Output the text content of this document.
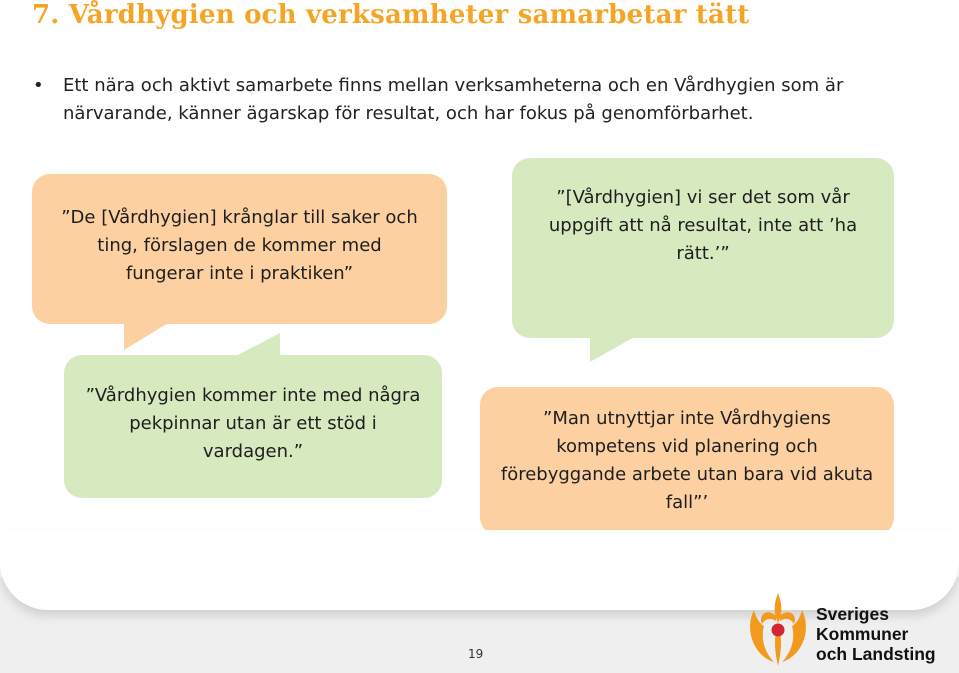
7. Vårdhygien och verksamheter samarbetar tätt
• Ett nära och aktivt samarbete finns mellan verksamheterna och en Vårdhygien som är närvarande, känner ägarskap för resultat, och har fokus på genomförbarhet.
”De [Vårdhygien] krånglar till saker och ting, förslagen de kommer med fungerar inte i praktiken”
”[Vårdhygien] vi ser det som vår uppgift att nå resultat, inte att ’ha rätt.’”
”Vårdhygien kommer inte med några pekpinnar utan är ett stöd i vardagen.”
”Man utnyttjar inte Vårdhygiens kompetens vid planering och förebyggande arbete utan bara vid akuta fall”’
19
Sveriges
Kommuner
och Landsting
